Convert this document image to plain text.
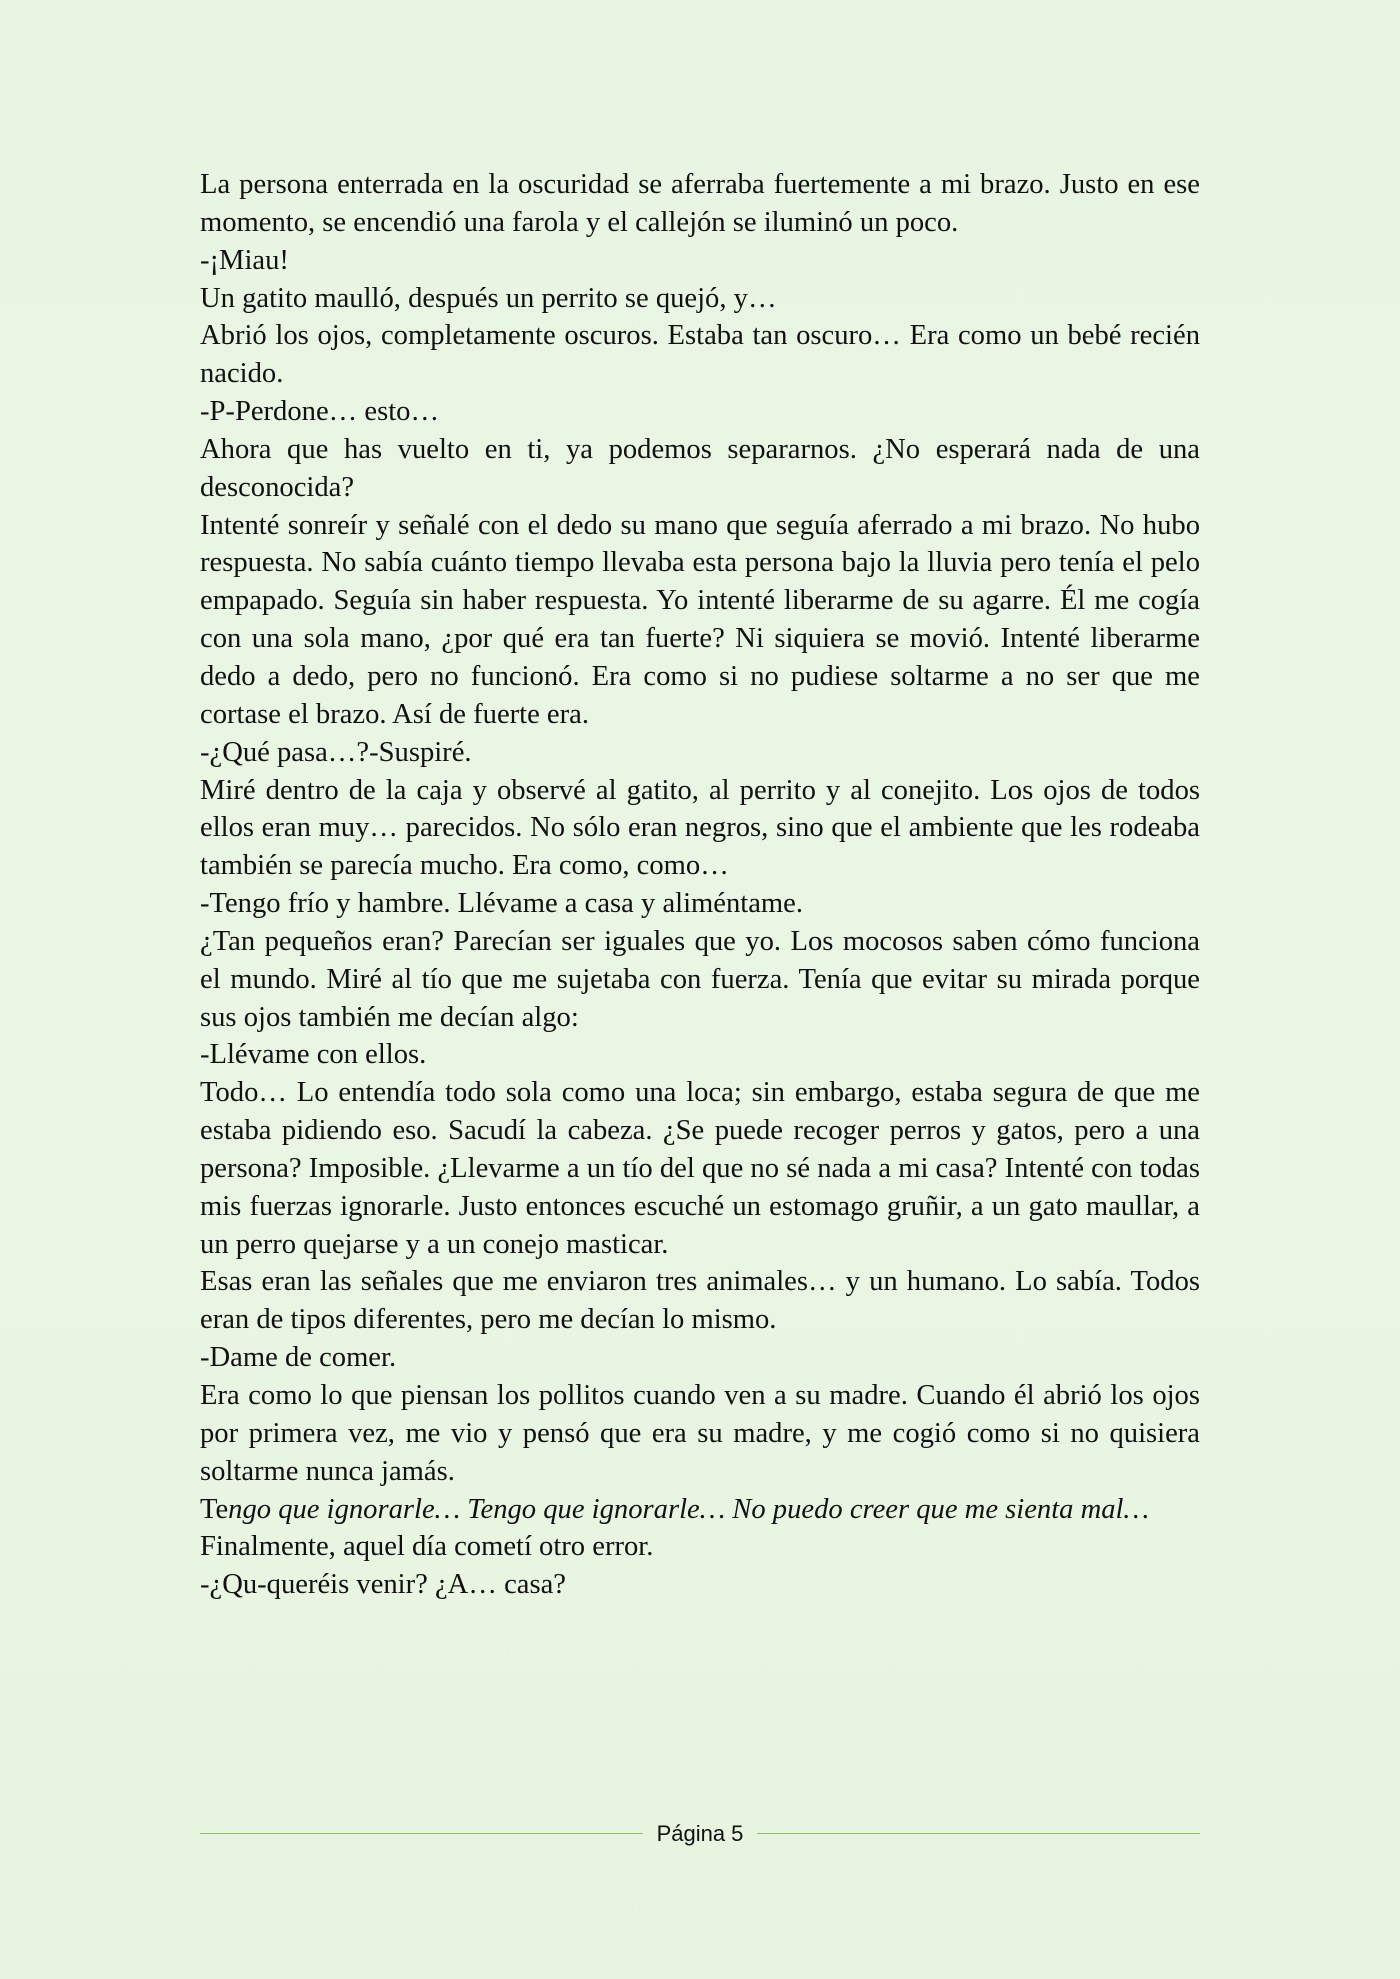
La persona enterrada en la oscuridad se aferraba fuertemente a mi brazo. Justo en ese momento, se encendió una farola y el callejón se iluminó un poco.

-¡Miau!

Un gatito maulló, después un perrito se quejó, y…

Abrió los ojos, completamente oscuros. Estaba tan oscuro… Era como un bebé recién nacido.

-P-Perdone… esto…

Ahora que has vuelto en ti, ya podemos separarnos. ¿No esperará nada de una desconocida?

Intenté sonreír y señalé con el dedo su mano que seguía aferrado a mi brazo. No hubo respuesta. No sabía cuánto tiempo llevaba esta persona bajo la lluvia pero tenía el pelo empapado. Seguía sin haber respuesta. Yo intenté liberarme de su agarre. Él me cogía con una sola mano, ¿por qué era tan fuerte? Ni siquiera se movió. Intenté liberarme dedo a dedo, pero no funcionó. Era como si no pudiese soltarme a no ser que me cortase el brazo. Así de fuerte era.

-¿Qué pasa…?-Suspiré.

Miré dentro de la caja y observé al gatito, al perrito y al conejito. Los ojos de todos ellos eran muy… parecidos. No sólo eran negros, sino que el ambiente que les rodeaba también se parecía mucho. Era como, como…

-Tengo frío y hambre. Llévame a casa y aliméntame.

¿Tan pequeños eran? Parecían ser iguales que yo. Los mocosos saben cómo funciona el mundo. Miré al tío que me sujetaba con fuerza. Tenía que evitar su mirada porque sus ojos también me decían algo:

-Llévame con ellos.

Todo… Lo entendía todo sola como una loca; sin embargo, estaba segura de que me estaba pidiendo eso. Sacudí la cabeza. ¿Se puede recoger perros y gatos, pero a una persona? Imposible. ¿Llevarme a un tío del que no sé nada a mi casa? Intenté con todas mis fuerzas ignorarle. Justo entonces escuché un estomago gruñir, a un gato maullar, a un perro quejarse y a un conejo masticar.

Esas eran las señales que me enviaron tres animales… y un humano. Lo sabía. Todos eran de tipos diferentes, pero me decían lo mismo.

-Dame de comer.

Era como lo que piensan los pollitos cuando ven a su madre. Cuando él abrió los ojos por primera vez, me vio y pensó que era su madre, y me cogió como si no quisiera soltarme nunca jamás.

Tengo que ignorarle… Tengo que ignorarle… No puedo creer que me sienta mal…

Finalmente, aquel día cometí otro error.

-¿Qu-queréis venir? ¿A… casa?

Página 5
